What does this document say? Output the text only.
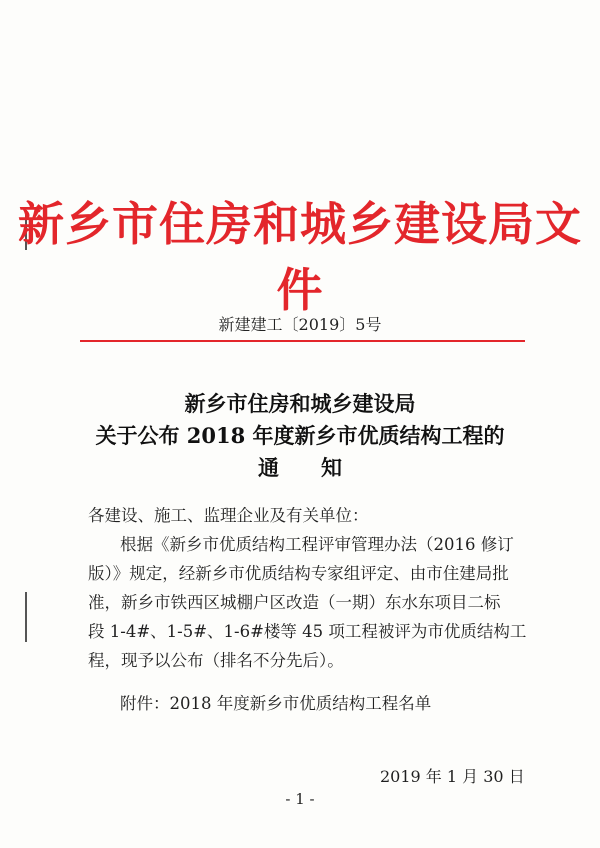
新乡市住房和城乡建设局文件
新建建工〔2019〕5号
新乡市住房和城乡建设局
关于公布 2018 年度新乡市优质结构工程的
通　　知
各建设、施工、监理企业及有关单位：
根据《新乡市优质结构工程评审管理办法（2016 修订
版）》规定，经新乡市优质结构专家组评定、由市住建局批
准，新乡市铁西区城棚户区改造（一期）东水东项目二标
段 1-4#、1-5#、1-6#楼等 45 项工程被评为市优质结构工
程，现予以公布（排名不分先后）。
附件：2018 年度新乡市优质结构工程名单
2019 年 1 月 30 日
- 1 -
